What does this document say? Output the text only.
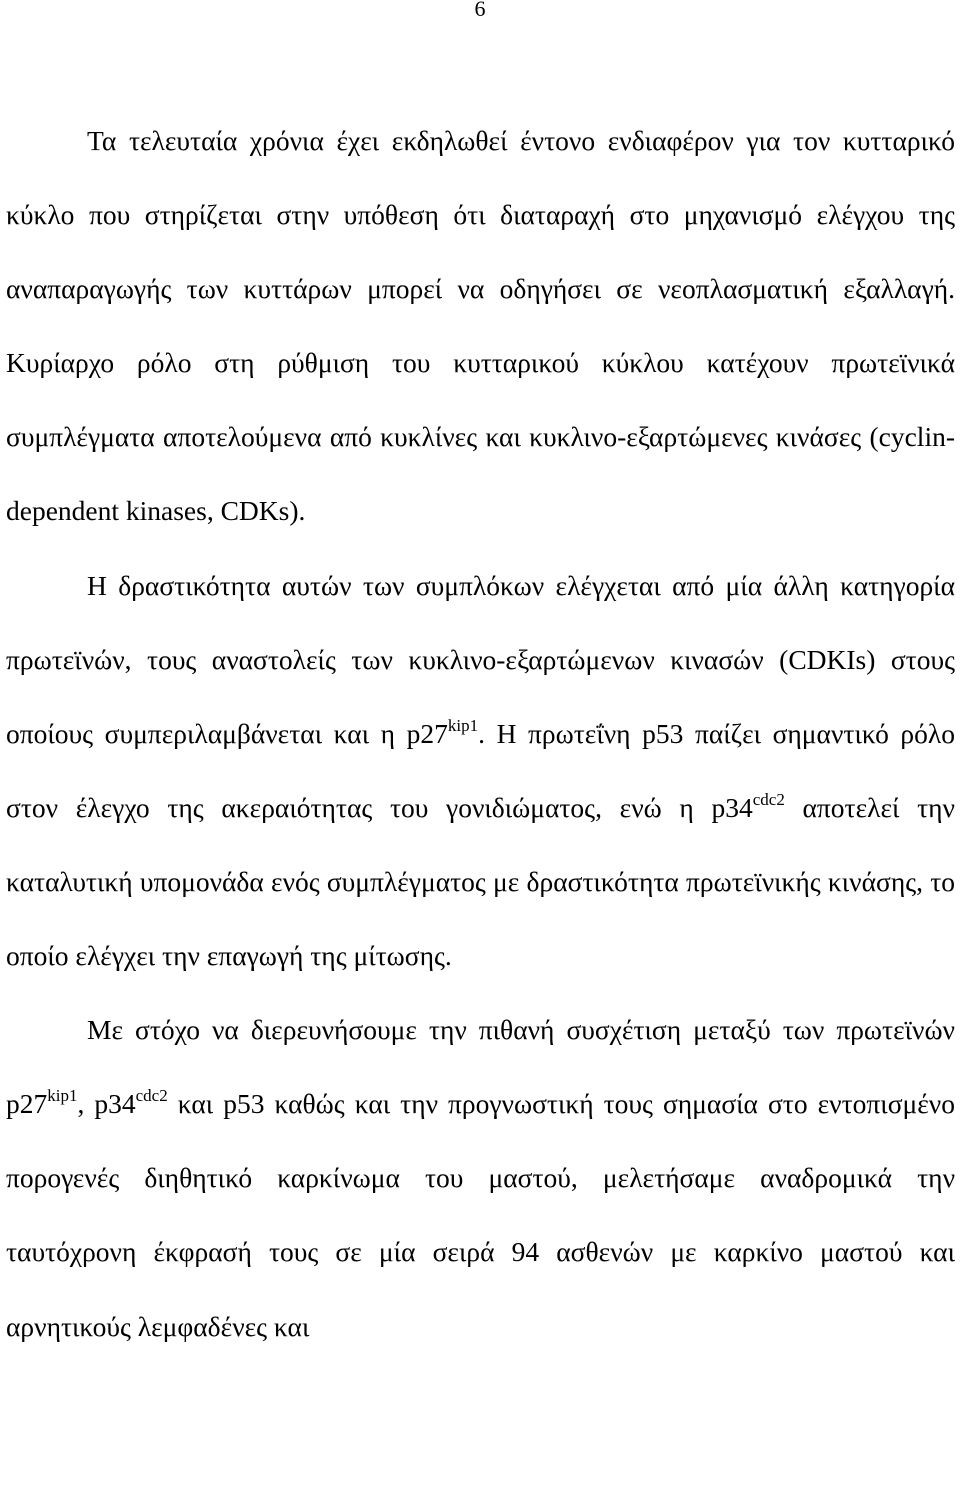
6

Τα τελευταία χρόνια έχει εκδηλωθεί έντονο ενδιαφέρον για τον κυτταρικό κύκλο που στηρίζεται στην υπόθεση ότι διαταραχή στο μηχανισμό ελέγχου της αναπαραγωγής των κυττάρων μπορεί να οδηγήσει σε νεοπλασματική εξαλλαγή. Κυρίαρχο ρόλο στη ρύθμιση του κυτταρικού κύκλου κατέχουν πρωτεϊνικά συμπλέγματα αποτελούμενα από κυκλίνες και κυκλινο-εξαρτώμενες κινάσες (cyclin-dependent kinases, CDKs).

Η δραστικότητα αυτών των συμπλόκων ελέγχεται από μία άλλη κατηγορία πρωτεϊνών, τους αναστολείς των κυκλινο-εξαρτώμενων κινασών (CDKIs) στους οποίους συμπεριλαμβάνεται και η $p27^{kip1}$. Η πρωτεΐνη p53 παίζει σημαντικό ρόλο στον έλεγχο της ακεραιότητας του γονιδιώματος, ενώ η $p34^{cdc2}$ αποτελεί την καταλυτική υπομονάδα ενός συμπλέγματος με δραστικότητα πρωτεϊνικής κινάσης, το οποίο ελέγχει την επαγωγή της μίτωσης.

Με στόχο να διερευνήσουμε την πιθανή συσχέτιση μεταξύ των πρωτεϊνών $p27^{kip1}$, $p34^{cdc2}$ και p53 καθώς και την προγνωστική τους σημασία στο εντοπισμένο πορογενές διηθητικό καρκίνωμα του μαστού, μελετήσαμε αναδρομικά την ταυτόχρονη έκφρασή τους σε μία σειρά 94 ασθενών με καρκίνο μαστού και αρνητικούς λεμφαδένες και
